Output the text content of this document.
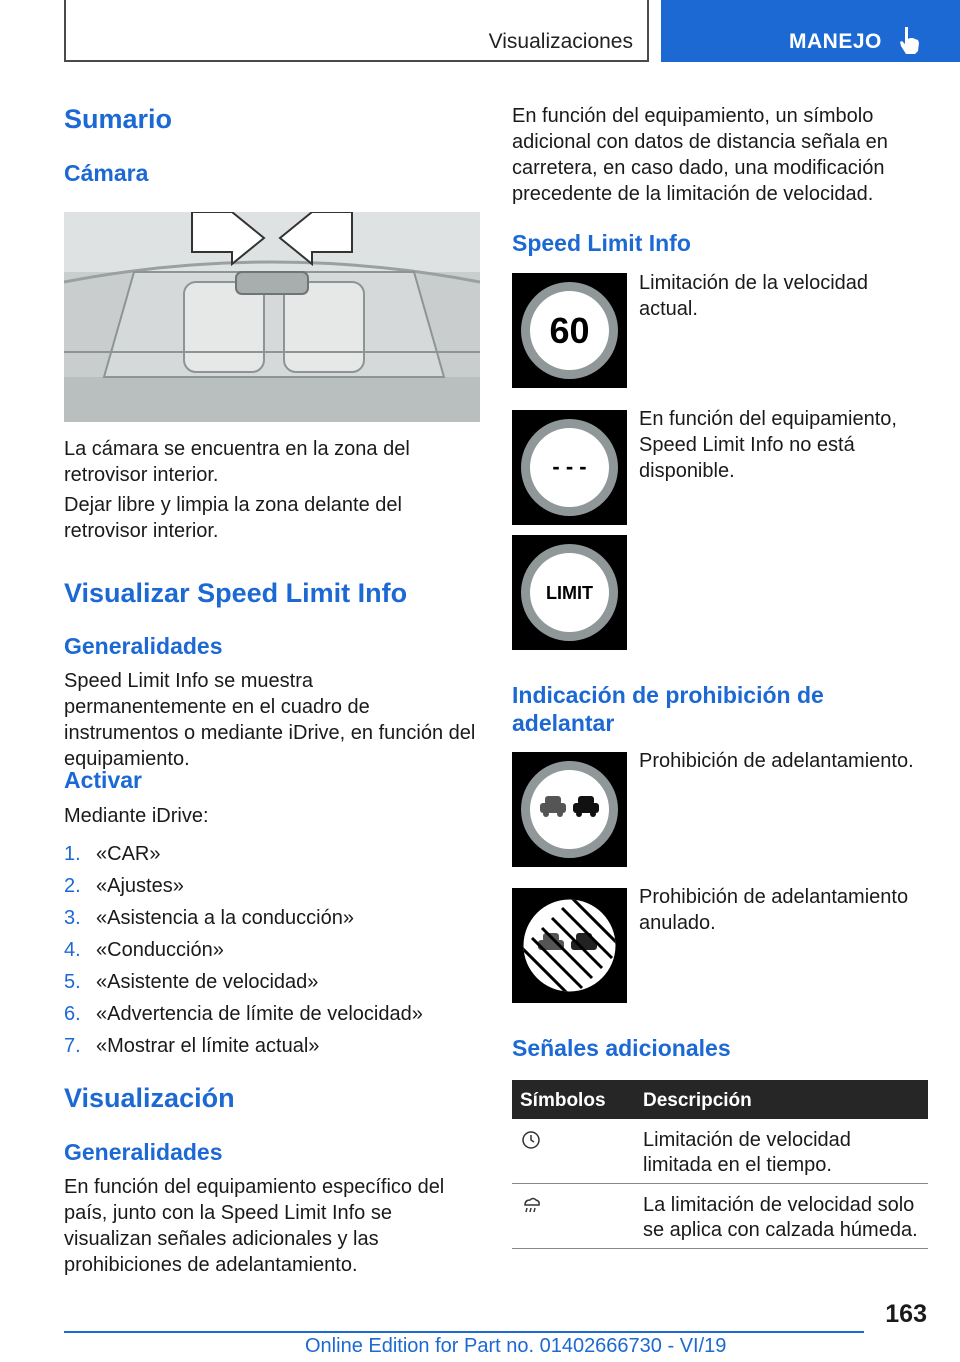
Visualizaciones	MANEJO
Sumario
Cámara
La cámara se encuentra en la zona del retrovisor interior.
Dejar libre y limpia la zona delante del retrovisor interior.
Visualizar Speed Limit Info
Generalidades
Speed Limit Info se muestra permanentemente en el cuadro de instrumentos o mediante iDrive, en función del equipamiento.
Activar
Mediante iDrive:
1. «CAR»
2. «Ajustes»
3. «Asistencia a la conducción»
4. «Conducción»
5. «Asistente de velocidad»
6. «Advertencia de límite de velocidad»
7. «Mostrar el límite actual»
Visualización
Generalidades
En función del equipamiento específico del país, junto con la Speed Limit Info se visualizan señales adicionales y las prohibiciones de adelantamiento.
En función del equipamiento, un símbolo adicional con datos de distancia señala en carretera, en caso dado, una modificación precedente de la limitación de velocidad.
Speed Limit Info
60
Limitación de la velocidad actual.
- - -
En función del equipamiento, Speed Limit Info no está disponible.
LIMIT
Indicación de prohibición de adelantar
Prohibición de adelantamiento.
Prohibición de adelantamiento anulado.
Señales adicionales
Símbolos Descripción
Limitación de velocidad limitada en el tiempo.
La limitación de velocidad solo se aplica con calzada húmeda.
163
Online Edition for Part no. 01402666730 - VI/19
